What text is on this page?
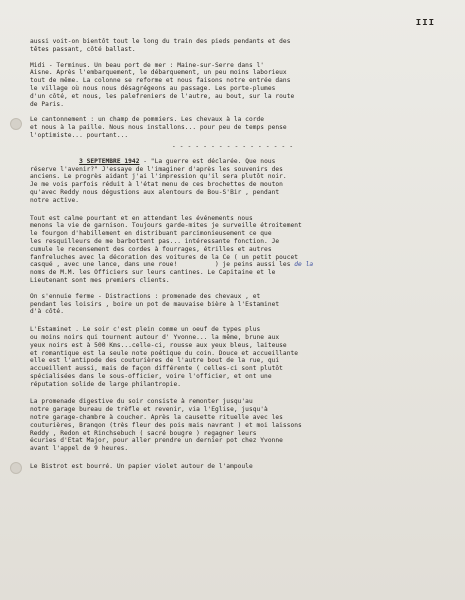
III

aussi voit-on bientôt tout le long du train des pieds pendants et des
têtes passant, côté ballast.

Midi - Terminus. Un beau port de mer : Maine-sur-Serre dans l'
Aisne. Après l'embarquement, le débarquement, un peu moins laborieux
tout de même. La colonne se reforme et nous faisons notre entrée dans
le village où nous nous désagrégeons au passage. Les porte-plumes
d'un côté, et nous, les palefreniers de l'autre, au bout, sur la route
de Paris.

Le cantonnement : un champ de pommiers. Les chevaux à la corde
et nous à la paille. Nous nous installons... pour peu de temps pense
l'optimiste... pourtant...

- - - - - - - - - - - - - - - -

3 SEPTEMBRE 1942 - "La guerre est déclarée. Que nous
réserve l'avenir?" J'essaye de l'imaginer d'après les souvenirs des
anciens. Le progrès aidant j'ai l'impression qu'il sera plutôt noir.
Je me vois parfois réduit à l'état menu de ces brochettes de mouton
qu'avec Reddy nous dégustions aux alentours de Bou-S'Bir , pendant
notre active.

Tout est calme pourtant et en attendant les événements nous
menons la vie de garnison. Toujours garde-mites je surveille étroitement
le fourgon d'habillement en distribuant parcimonieusement ce que
les resquilleurs de me barbottent pas... intéressante fonction. Je
cumule le recensement des cordes à fourrages, étrilles et autres
fanfreluches avec la décoration des voitures de la Ce ( un petit poucet
casqué , avec une lance, dans une roue!          ) je peins aussi les de la
noms de M.M. les Officiers sur leurs cantines. Le Capitaine et le
Lieutenant sont mes premiers clients.

On s'ennuie ferme - Distractions : promenade des chevaux , et
pendant les loisirs , boire un pot de mauvaise bière à l'Estaminet
d'à côté.

L'Estaminet . Le soir c'est plein comme un oeuf de types plus
ou moins noirs qui tournent autour d' Yvonne... la même, brune aux
yeux noirs est à 500 Kms...celle-ci, rousse aux yeux bleus, laiteuse
et romantique est la seule note poétique du coin. Douce et accueillante
elle est l'antipode des couturières de l'autre bout de la rue, qui
accueillent aussi, mais de façon différente ( celles-ci sont plutôt
spécialisées dans le sous-officier, voire l'officier, et ont une
réputation solide de large philantropie.

La promenade digestive du soir consiste à remonter jusqu'au
notre garage bureau de trèfle et revenir, via l'Eglise, jusqu'à
notre garage-chambre à coucher. Après la causette rituelle avec les
couturières, Branqon (très fleur des pois mais navrant ) et moi laissons
Reddy , Redon et Rinchsebuch ( sacré bougre ) regagner leurs
écuries d'Etat Major, pour aller prendre un dernier pot chez Yvonne
avant l'appel de 9 heures.

Le Bistrot est bourré. Un papier violet autour de l'ampoule
